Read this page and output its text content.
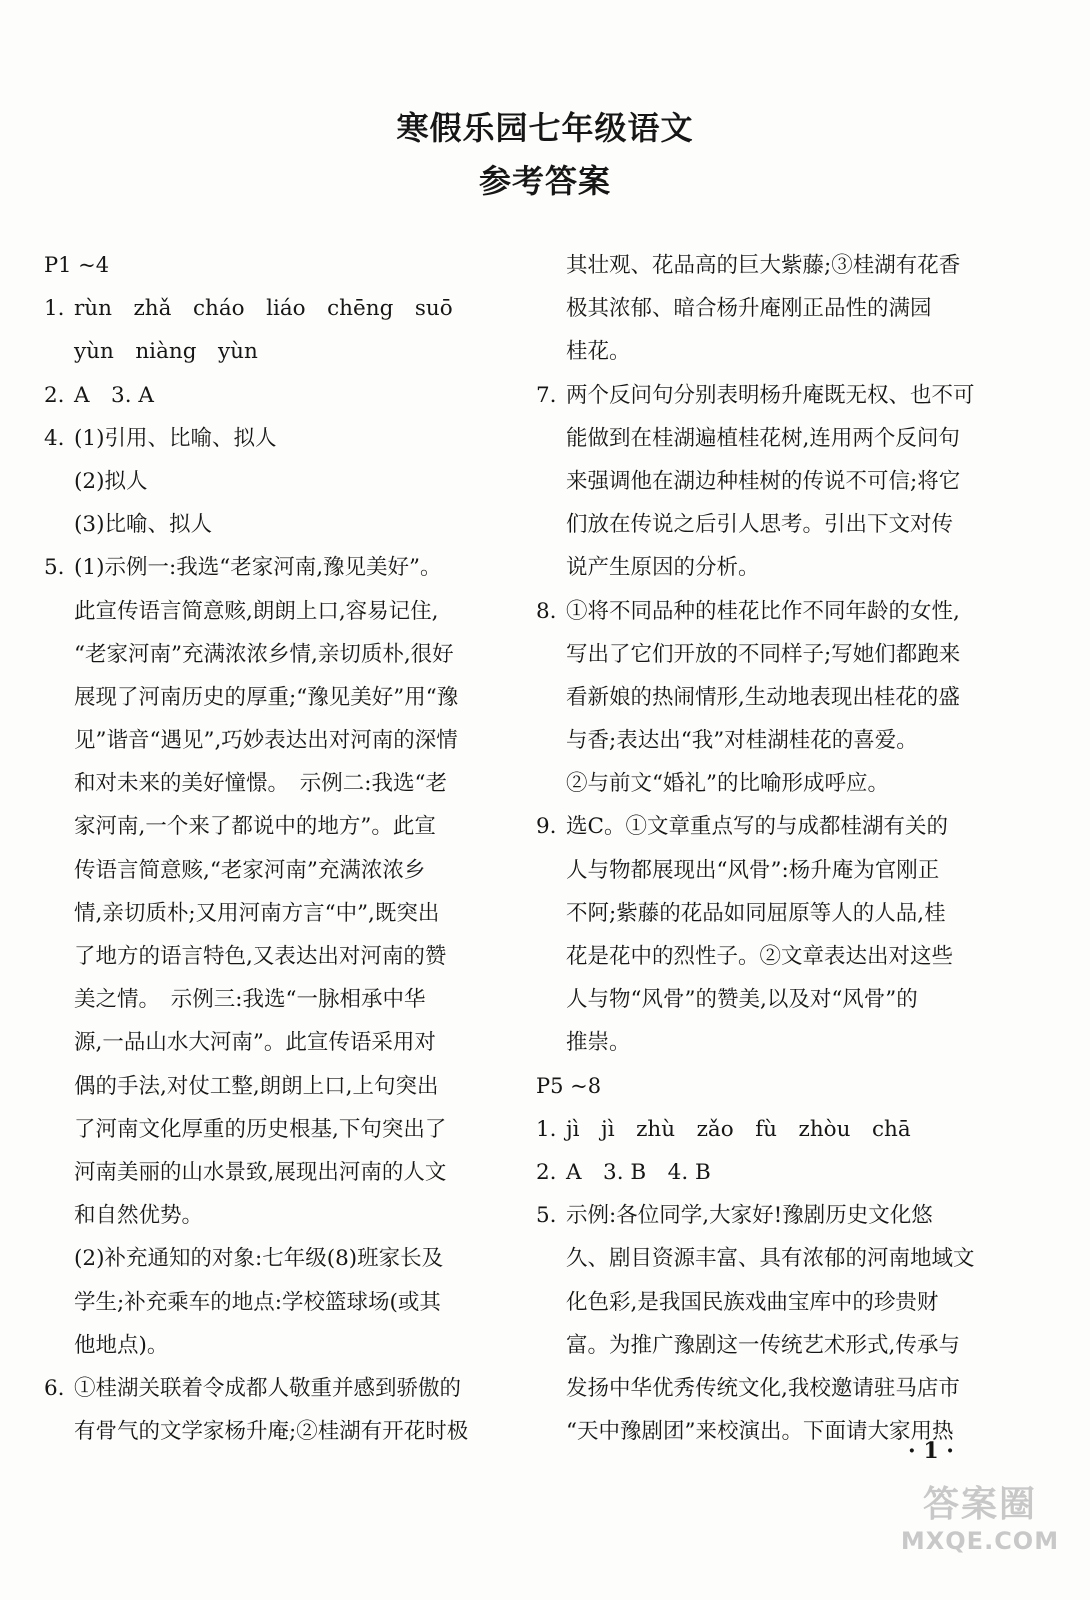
寒假乐园七年级语文
参考答案
P1 ~4
1. rùn　zhǎ　cháo　liáo　chēng　suō
yùn　niàng　yùn
2. A　3. A
4. (1)引用、比喻、拟人
(2)拟人
(3)比喻、拟人
5. (1)示例一:我选“老家河南,豫见美好”。
此宣传语言简意赅,朗朗上口,容易记住,
“老家河南”充满浓浓乡情,亲切质朴,很好
展现了河南历史的厚重;“豫见美好”用“豫
见”谐音“遇见”,巧妙表达出对河南的深情
和对未来的美好憧憬。　示例二:我选“老
家河南,一个来了都说中的地方”。此宣
传语言简意赅,“老家河南”充满浓浓乡
情,亲切质朴;又用河南方言“中”,既突出
了地方的语言特色,又表达出对河南的赞
美之情。　示例三:我选“一脉相承中华
源,一品山水大河南”。此宣传语采用对
偶的手法,对仗工整,朗朗上口,上句突出
了河南文化厚重的历史根基,下句突出了
河南美丽的山水景致,展现出河南的人文
和自然优势。
(2)补充通知的对象:七年级(8)班家长及
学生;补充乘车的地点:学校篮球场(或其
他地点)。
6. ①桂湖关联着令成都人敬重并感到骄傲的
有骨气的文学家杨升庵;②桂湖有开花时极
其壮观、花品高的巨大紫藤;③桂湖有花香
极其浓郁、暗合杨升庵刚正品性的满园
桂花。
7. 两个反问句分别表明杨升庵既无权、也不可
能做到在桂湖遍植桂花树,连用两个反问句
来强调他在湖边种桂树的传说不可信;将它
们放在传说之后引人思考。引出下文对传
说产生原因的分析。
8. ①将不同品种的桂花比作不同年龄的女性,
写出了它们开放的不同样子;写她们都跑来
看新娘的热闹情形,生动地表现出桂花的盛
与香;表达出“我”对桂湖桂花的喜爱。
②与前文“婚礼”的比喻形成呼应。
9. 选C。①文章重点写的与成都桂湖有关的
人与物都展现出“风骨”:杨升庵为官刚正
不阿;紫藤的花品如同屈原等人的人品,桂
花是花中的烈性子。②文章表达出对这些
人与物“风骨”的赞美,以及对“风骨”的
推崇。
P5 ~8
1. jì　jì　zhù　zǎo　fù　zhòu　chā
2. A　3. B　4. B
5. 示例:各位同学,大家好!豫剧历史文化悠
久、剧目资源丰富、具有浓郁的河南地域文
化色彩,是我国民族戏曲宝库中的珍贵财
富。为推广豫剧这一传统艺术形式,传承与
发扬中华优秀传统文化,我校邀请驻马店市
“天中豫剧团”来校演出。下面请大家用热
· 1 ·
答案圈
MXQE.COM
